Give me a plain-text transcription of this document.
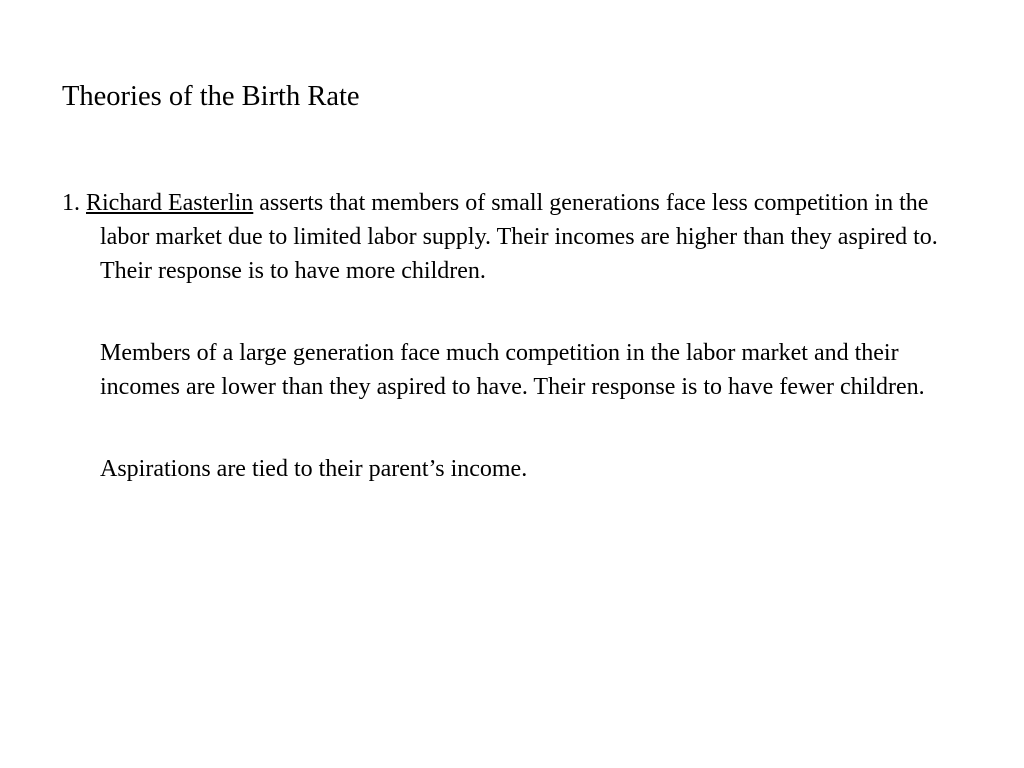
Theories of the Birth Rate

1. Richard Easterlin asserts that members of small generations face less competition in the labor market due to limited labor supply. Their incomes are higher than they aspired to. Their response is to have more children.

Members of a large generation face much competition in the labor market and their incomes are lower than they aspired to have. Their response is to have fewer children.

Aspirations are tied to their parent’s income.
